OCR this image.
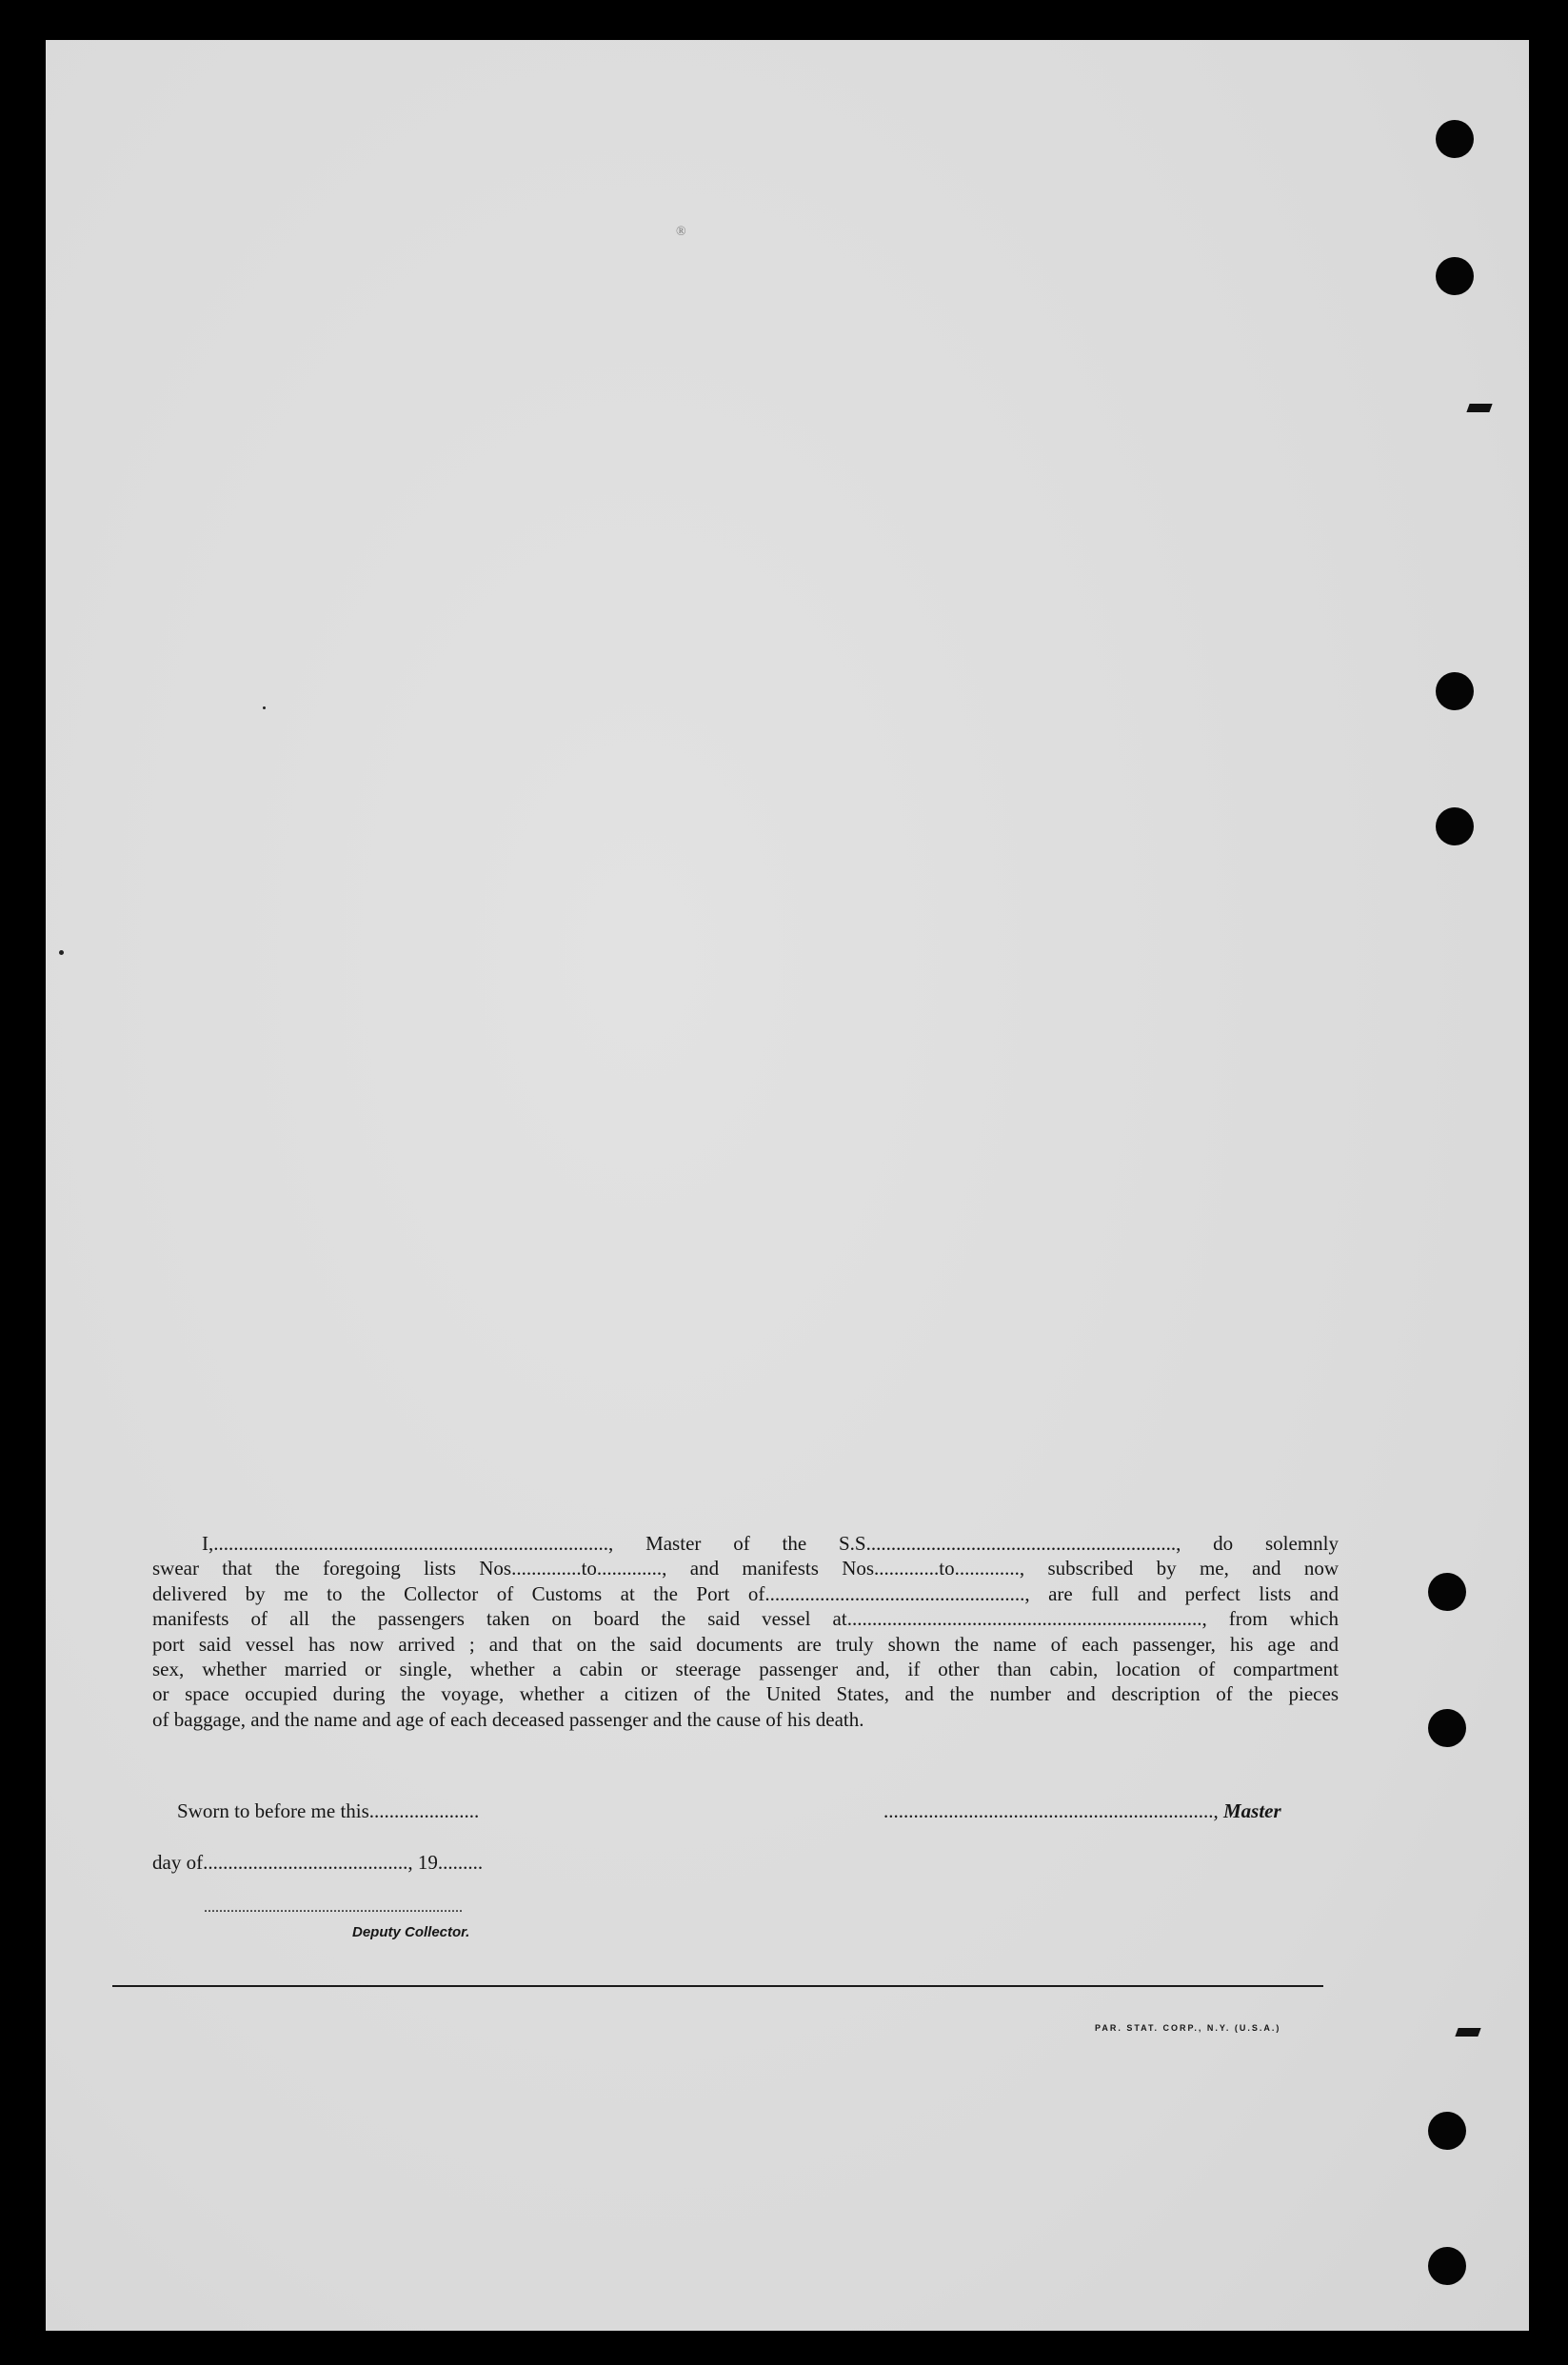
®

I,..............................................................................., Master of the S.S.............................................................., do solemnly

swear that the foregoing lists Nos..............to............., and manifests Nos.............to............., subscribed by me, and now

delivered by me to the Collector of Customs at the Port of...................................................., are full and perfect lists and

manifests of all the passengers taken on board the said vessel at......................................................................., from which

port said vessel has now arrived ; and that on the said documents are truly shown the name of each passenger, his age and

sex, whether married or single, whether a cabin or steerage passenger and, if other than cabin, location of compartment

or space occupied during the voyage, whether a citizen of the United States, and the number and description of the pieces

of baggage, and the name and age of each deceased passenger and the cause of his death.

Sworn to before me this......................	.................................................................., Master
day of........................................., 19.........
....................................................................
Deputy Collector.
PAR. STAT. CORP., N.Y. (U.S.A.)
